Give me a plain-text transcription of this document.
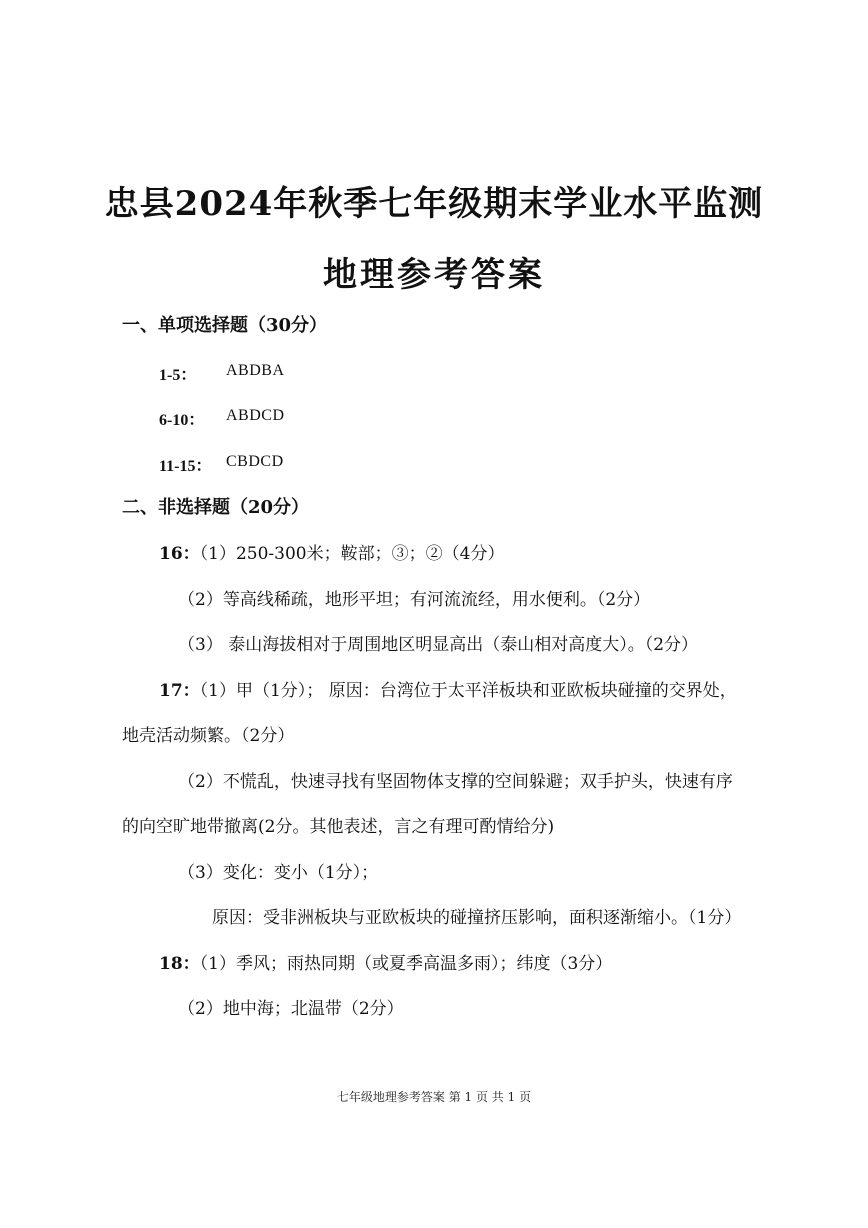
忠县2024年秋季七年级期末学业水平监测
地理参考答案
一、单项选择题（30分）
1-5： ABDBA
6-10： ABDCD
11-15： CBDCD
二、非选择题（20分）
16：（1）250-300米；鞍部；③；②（4分）
（2）等高线稀疏，地形平坦；有河流流经，用水便利。（2分）
（3） 泰山海拔相对于周围地区明显高出（泰山相对高度大）。（2分）
17：（1）甲（1分）； 原因：台湾位于太平洋板块和亚欧板块碰撞的交界处，
地壳活动频繁。（2分）
（2）不慌乱，快速寻找有坚固物体支撑的空间躲避；双手护头，快速有序
的向空旷地带撤离(2分。其他表述，言之有理可酌情给分)
（3）变化：变小（1分）；
原因：受非洲板块与亚欧板块的碰撞挤压影响，面积逐渐缩小。（1分）
18：（1）季风；雨热同期（或夏季高温多雨）；纬度（3分）
（2）地中海；北温带（2分）
七年级地理参考答案 第 1 页 共 1 页
